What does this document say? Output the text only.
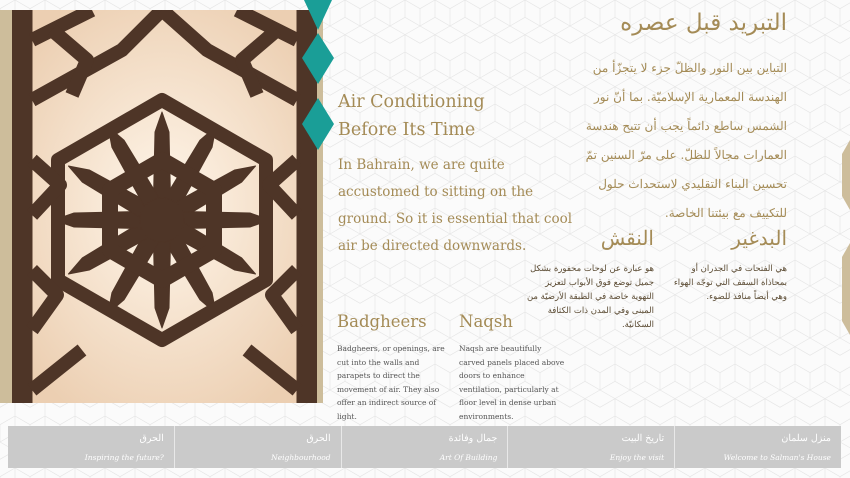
Air Conditioning
Before Its Time

In Bahrain, we are quite accustomed to sitting on the ground. So it is essential that cool air be directed downwards.

التبريد قبل عصره

التباين بين النور والظلّ جزء لا يتجزّأ من الهندسة المعمارية الإسلاميّة. بما أنّ نور الشمس ساطع دائماً يجب أن تتيح هندسة العمارات مجالاً للظلّ. على مرّ السنين تمّ تحسين البناء التقليدي لاستحداث حلول للتكييف مع بيئتنا الخاصة.

البدغير

هي الفتحات في الجدران أو بمحاذاة السقف التي توجّه الهواء وهي أيضاً منافذ للضوء.

النقش

هو عبارة عن لوحات محفورة بشكل جميل توضع فوق الأبواب لتعزيز التهوية خاصة في الطبقة الأرضيّة من المبنى وفي المدن ذات الكثافة السكانيّة.

Badgheers

Badgheers, or openings, are cut into the walls and parapets to direct the movement of air. They also offer an indirect source of light.

Naqsh

Naqsh are beautifully carved panels placed above doors to enhance ventilation, particularly at floor level in dense urban environments.

الحرق
Inspiring the future?
الحرق
Neighbourhood
جمال وفائدة
Art Of Building
تاريخ البيت
Enjoy the visit
منزل سلمان
Welcome to Salman's House
